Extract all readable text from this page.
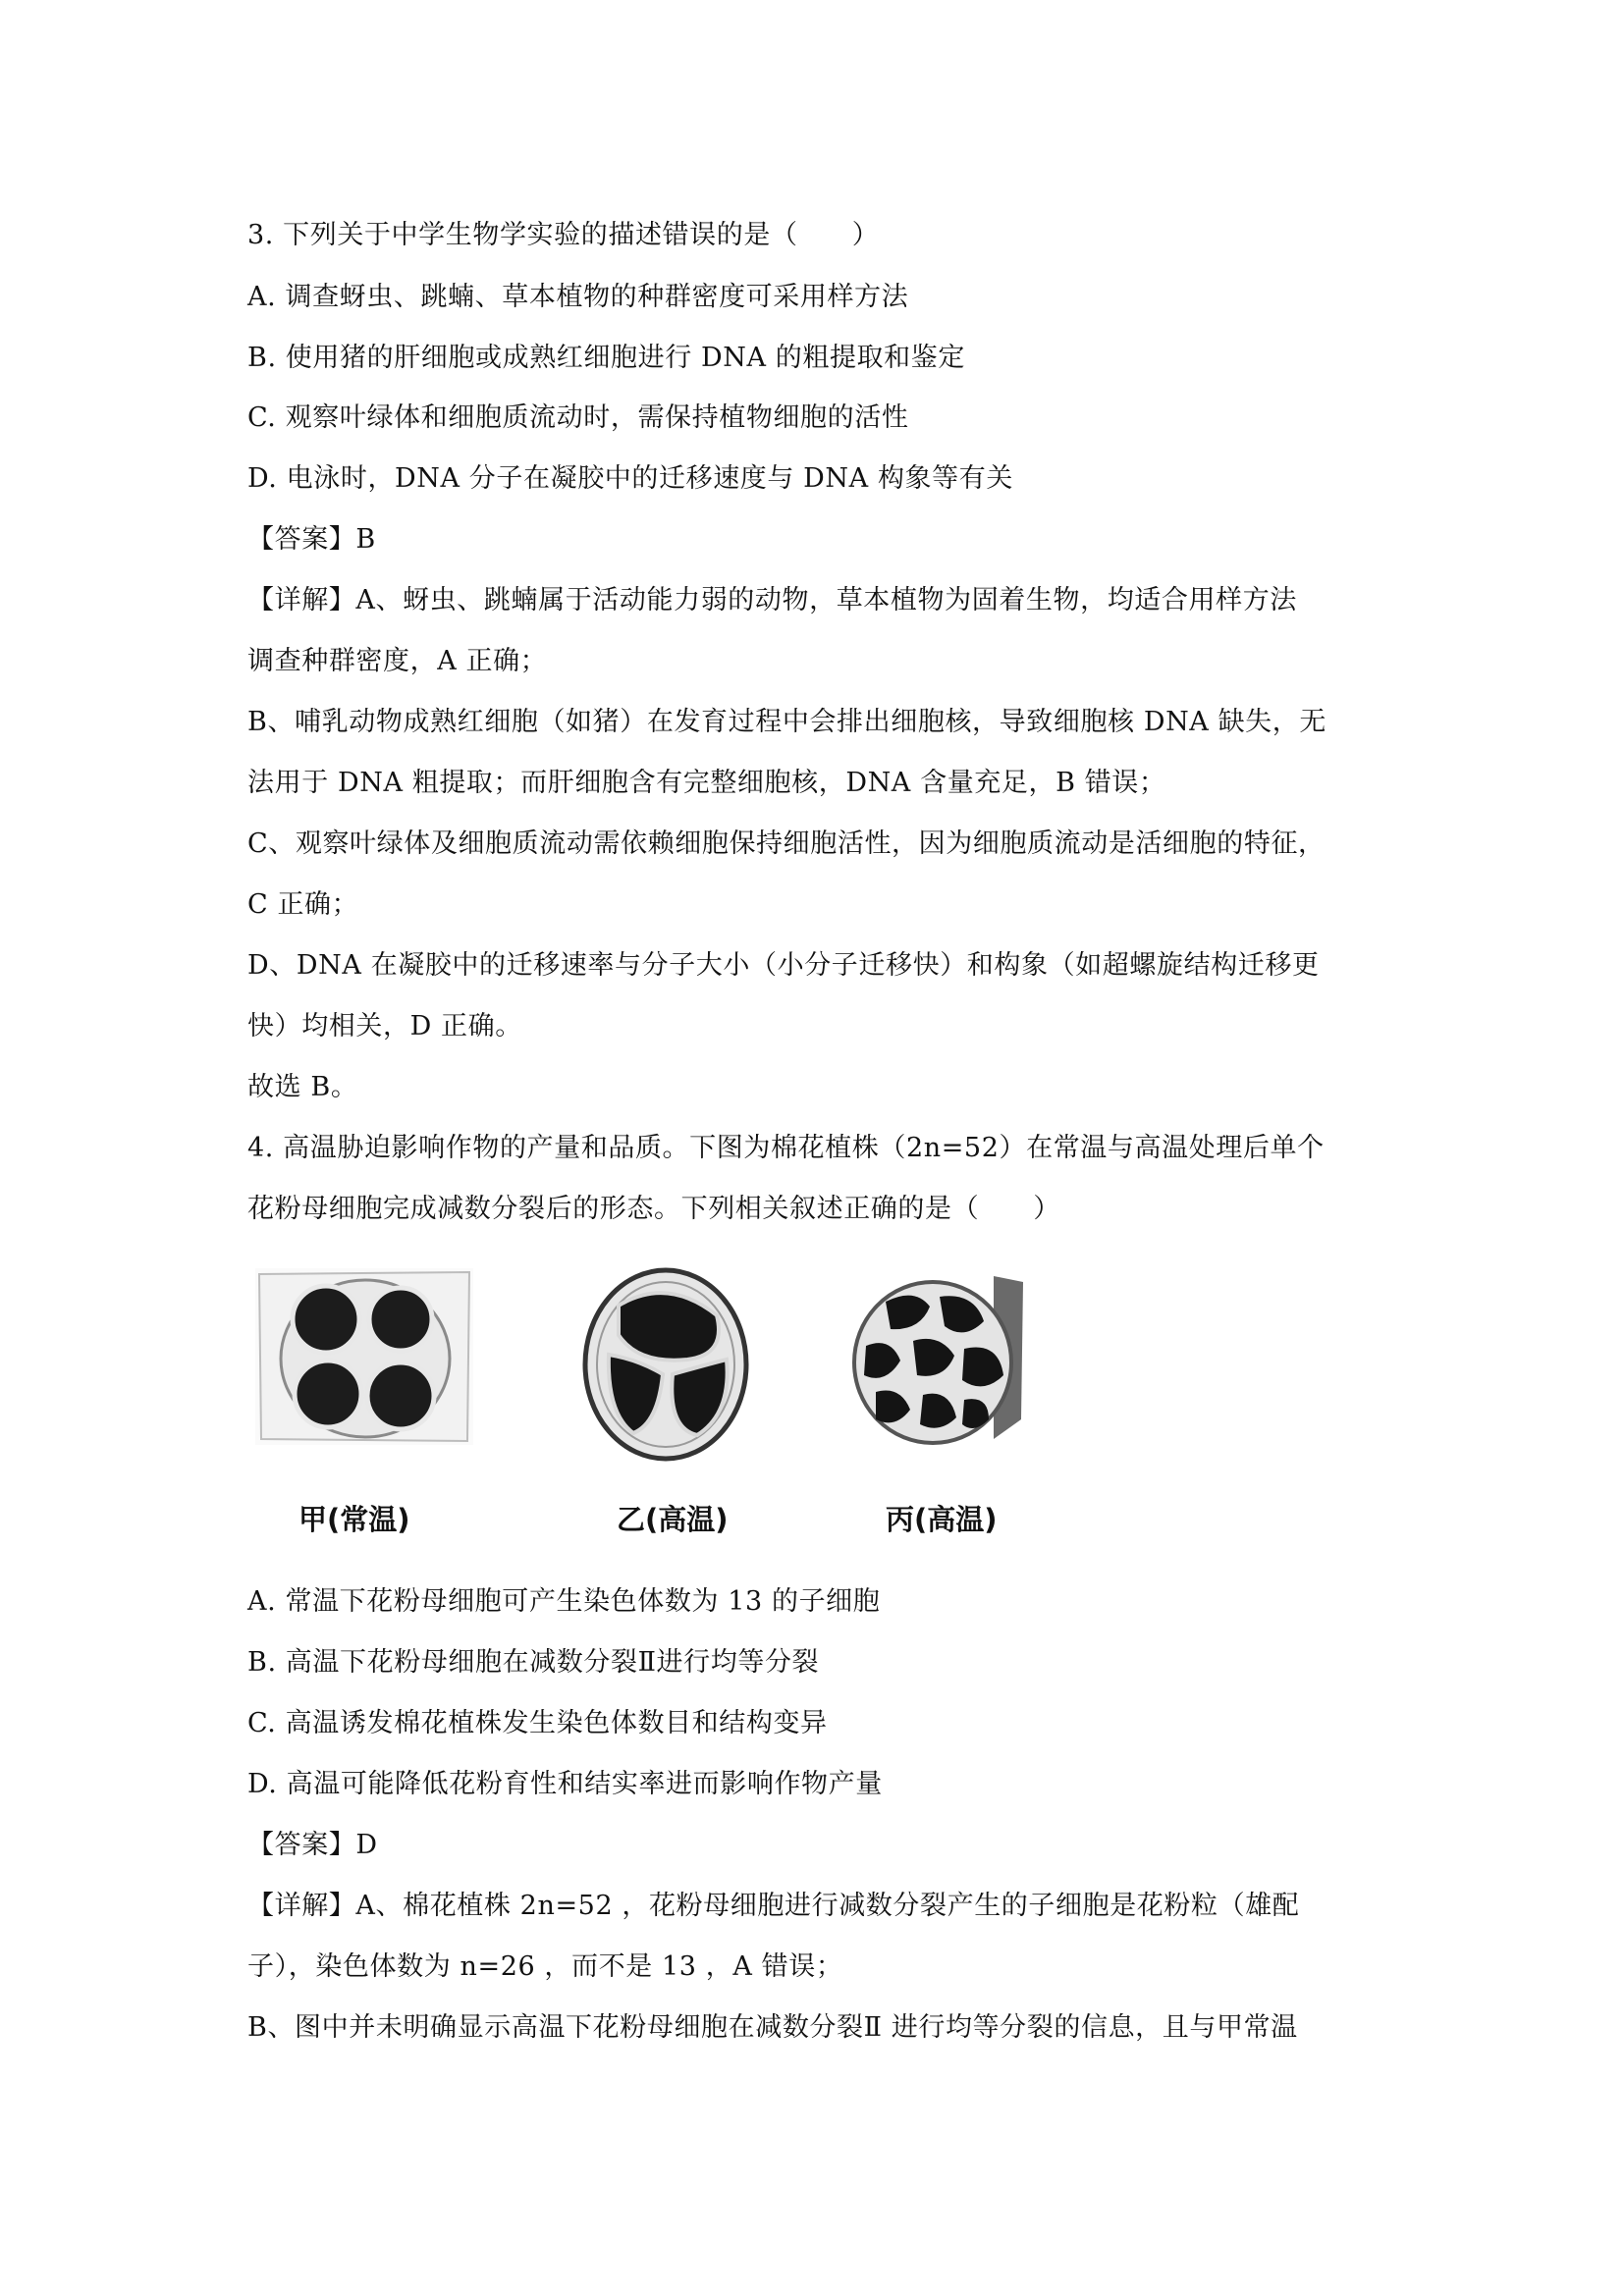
3. 下列关于中学生物学实验的描述错误的是（　　）
A. 调查蚜虫、跳蝻、草本植物的种群密度可采用样方法
B. 使用猪的肝细胞或成熟红细胞进行 DNA 的粗提取和鉴定
C. 观察叶绿体和细胞质流动时，需保持植物细胞的活性
D. 电泳时，DNA 分子在凝胶中的迁移速度与 DNA 构象等有关
【答案】B
【详解】A、蚜虫、跳蝻属于活动能力弱的动物，草本植物为固着生物，均适合用样方法
调查种群密度，A 正确；
B、哺乳动物成熟红细胞（如猪）在发育过程中会排出细胞核，导致细胞核 DNA 缺失，无
法用于 DNA 粗提取；而肝细胞含有完整细胞核，DNA 含量充足，B 错误；
C、观察叶绿体及细胞质流动需依赖细胞保持细胞活性，因为细胞质流动是活细胞的特征，
C 正确；
D、DNA 在凝胶中的迁移速率与分子大小（小分子迁移快）和构象（如超螺旋结构迁移更
快）均相关，D 正确。
故选 B。
4. 高温胁迫影响作物的产量和品质。下图为棉花植株（2n=52）在常温与高温处理后单个
花粉母细胞完成减数分裂后的形态。下列相关叙述正确的是（　　）
甲(常温)	乙(高温)	丙(高温)
A. 常温下花粉母细胞可产生染色体数为 13 的子细胞
B. 高温下花粉母细胞在减数分裂Ⅱ进行均等分裂
C. 高温诱发棉花植株发生染色体数目和结构变异
D. 高温可能降低花粉育性和结实率进而影响作物产量
【答案】D
【详解】A、棉花植株 2n=52 ，花粉母细胞进行减数分裂产生的子细胞是花粉粒（雄配
子），染色体数为 n=26 ，而不是 13 ，A 错误；
B、图中并未明确显示高温下花粉母细胞在减数分裂Ⅱ 进行均等分裂的信息，且与甲常温
